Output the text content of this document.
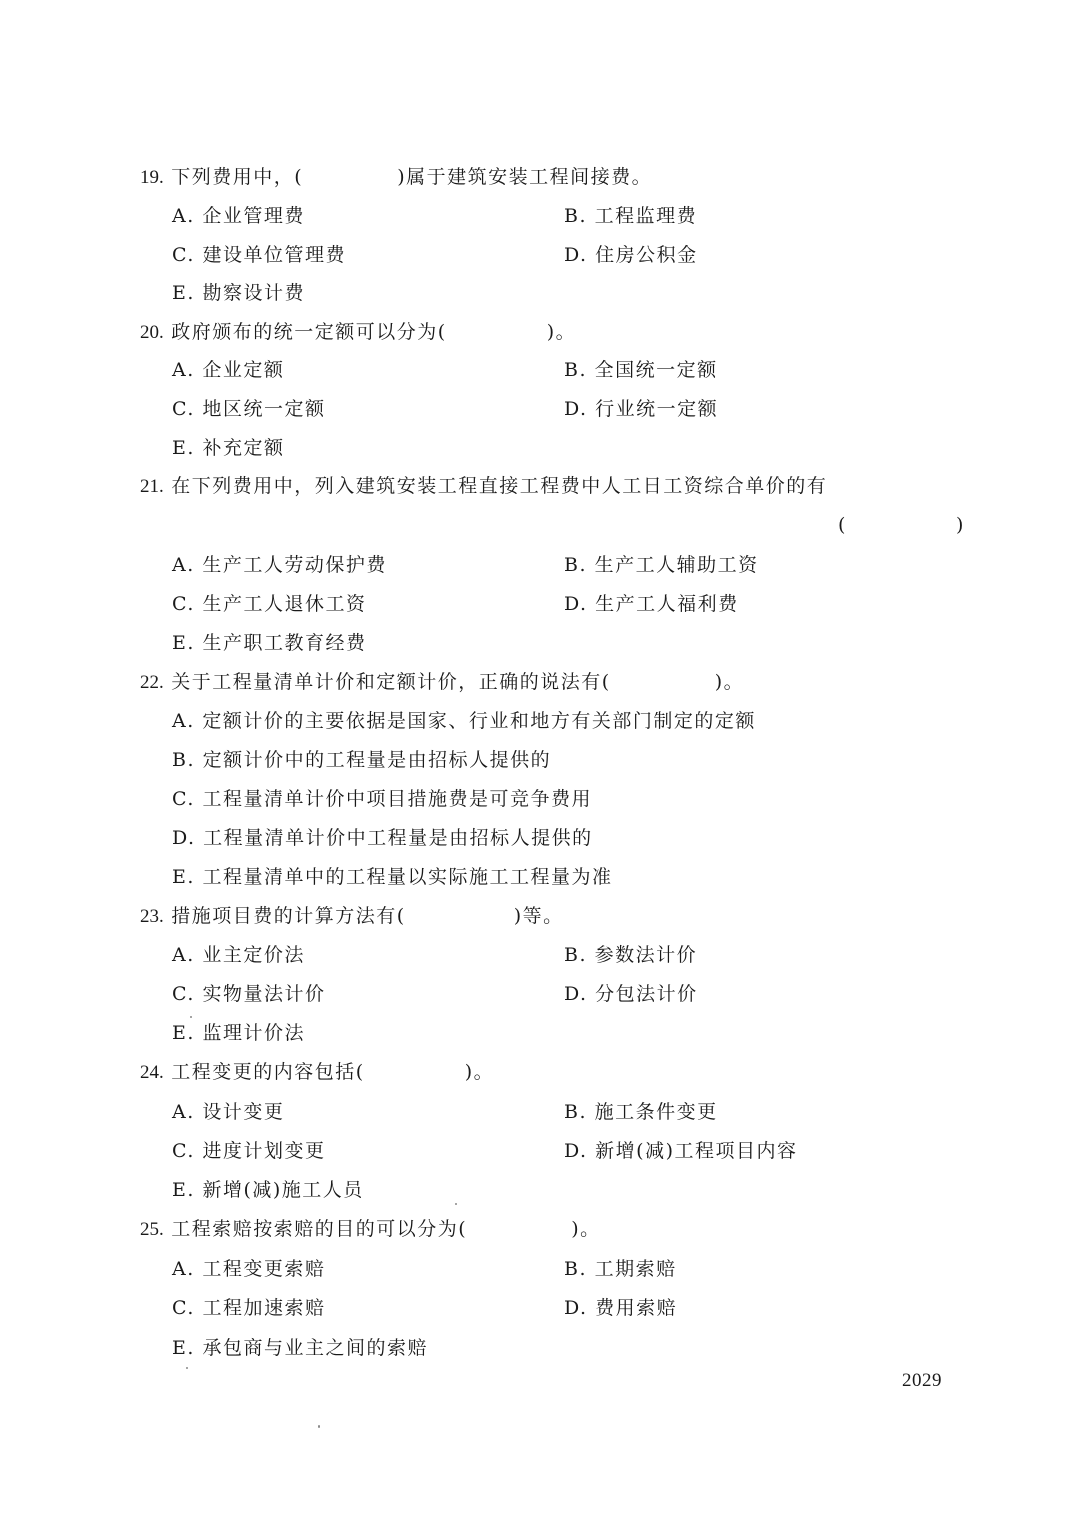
19. 下列费用中，(	)属于建筑安装工程间接费。
A. 企业管理费	B. 工程监理费
C. 建设单位管理费	D. 住房公积金
E. 勘察设计费
20. 政府颁布的统一定额可以分为(	)。
A. 企业定额	B. 全国统一定额
C. 地区统一定额	D. 行业统一定额
E. 补充定额
21. 在下列费用中，列入建筑安装工程直接工程费中人工日工资综合单价的有
(	)
A. 生产工人劳动保护费	B. 生产工人辅助工资
C. 生产工人退休工资	D. 生产工人福利费
E. 生产职工教育经费
22. 关于工程量清单计价和定额计价，正确的说法有(	)。
A. 定额计价的主要依据是国家、行业和地方有关部门制定的定额
B. 定额计价中的工程量是由招标人提供的
C. 工程量清单计价中项目措施费是可竞争费用
D. 工程量清单计价中工程量是由招标人提供的
E. 工程量清单中的工程量以实际施工工程量为准
23. 措施项目费的计算方法有(	)等。
A. 业主定价法	B. 参数法计价
C. 实物量法计价	D. 分包法计价
E. 监理计价法
24. 工程变更的内容包括(	)。
A. 设计变更	B. 施工条件变更
C. 进度计划变更	D. 新增(减)工程项目内容
E. 新增(减)施工人员
25. 工程索赔按索赔的目的可以分为(	)。
A. 工程变更索赔	B. 工期索赔
C. 工程加速索赔	D. 费用索赔
E. 承包商与业主之间的索赔
2029
